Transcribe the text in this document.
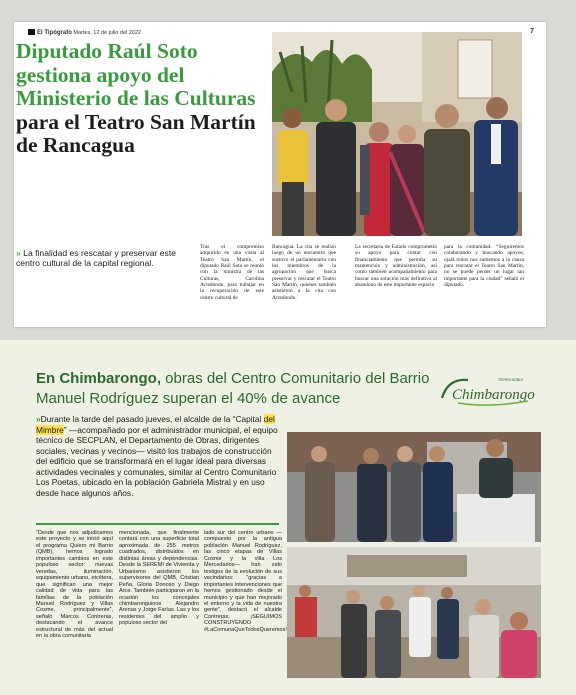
El Tipógrafo Martes, 12 de julio del 2022	7
Diputado Raúl Soto gestiona apoyo del Ministerio de las Culturas para el Teatro San Martín de Rancagua
» La finalidad es rescatar y preservar este centro cultural de la capital regional.
Tras el compromiso adquirido en una visita al Teatro San Martín, el diputado Raúl Soto se reunió con la ministra de las Culturas, Carolina Arredondo, para trabajar en la recuperación de este centro cultural de
Rancagua. La cita se realizó luego de un encuentro que sostuvo el parlamentario con los miembros de la agrupación que busca preservar y rescatar el Teatro San Martín, quienes también asistieron a la cita con Arredondo.
La secretaria de Estado comprometió su apoyo para contar con financiamiento que permita su mantención y administración, así como también acompañamiento para buscar una solución más definitiva al abandono de este importante espacio
para la comunidad. “Seguiremos colaborando y buscando apoyos, ojalá todos nos sumemos a la causa para rescatar el Teatro San Martín, no se puede perder un lugar tan importante para la ciudad” señaló el diputado.
En Chimbarongo, obras del Centro Comunitario del Barrio Manuel Rodríguez superan el 40% de avance	Chimbarongo
TIERRA NOBLE
»Durante la tarde del pasado jueves, el alcalde de la “Capital del Mimbre” —acompañado por el administrador municipal, el equipo técnico de SECPLAN, el Departamento de Obras, dirigentes sociales, vecinas y vecinos— visitó los trabajos de construcción del edificio que se transformará en el lugar ideal para diversas actividades vecinales y comunales, similar al Centro Comunitario Los Poetas, ubicado en la población Gabriela Mistral y en uso desde hace algunos años.
“Desde que nos adjudicamos este proyecto y se inició aquí el programa Quiero mi Barrio (QMB), hemos logrado importantes cambios en este populoso sector: nuevas veredas, iluminación, equipamiento urbano, etcétera, que significan una mejor calidad de vida para las familias de la población Manuel Rodríguez y Villas Cosme, principalmente”, señaló Marcos Contreras, destacando el avance estructural de más del actual en la obra comunitaria
mencionada, que finalmente contará con una superficie total aproximada de 255 metros cuadrados, distribuidos en distintas áreas y dependencias. Desde la SEREMI de Vivienda y Urbanismo asistieron los supervisores del QMB, Cristian Peña, Gloria Donoso y Diego Arce. También participaron en la ocasión los concejales chimbaronguinos Alejandro Arenas y Jorge Farías. Las y los residentes del amplio y populoso sector del
lado sur del centro urbano —compuesto por la antigua población Manuel Rodríguez, las cinco etapas de Villas Cosme y la villa Los Mercedarios— han sido testigos de la evolución de sus vecindarios: “gracias a importantes intervenciones que hemos gestionado desde el municipio y que han mejorado el entorno y la vida de nuestra gente”, destacó el alcalde Contreras. ¡SEGUIMOS CONSTRUYENDO #LaComunaQueTodosQueremos!
